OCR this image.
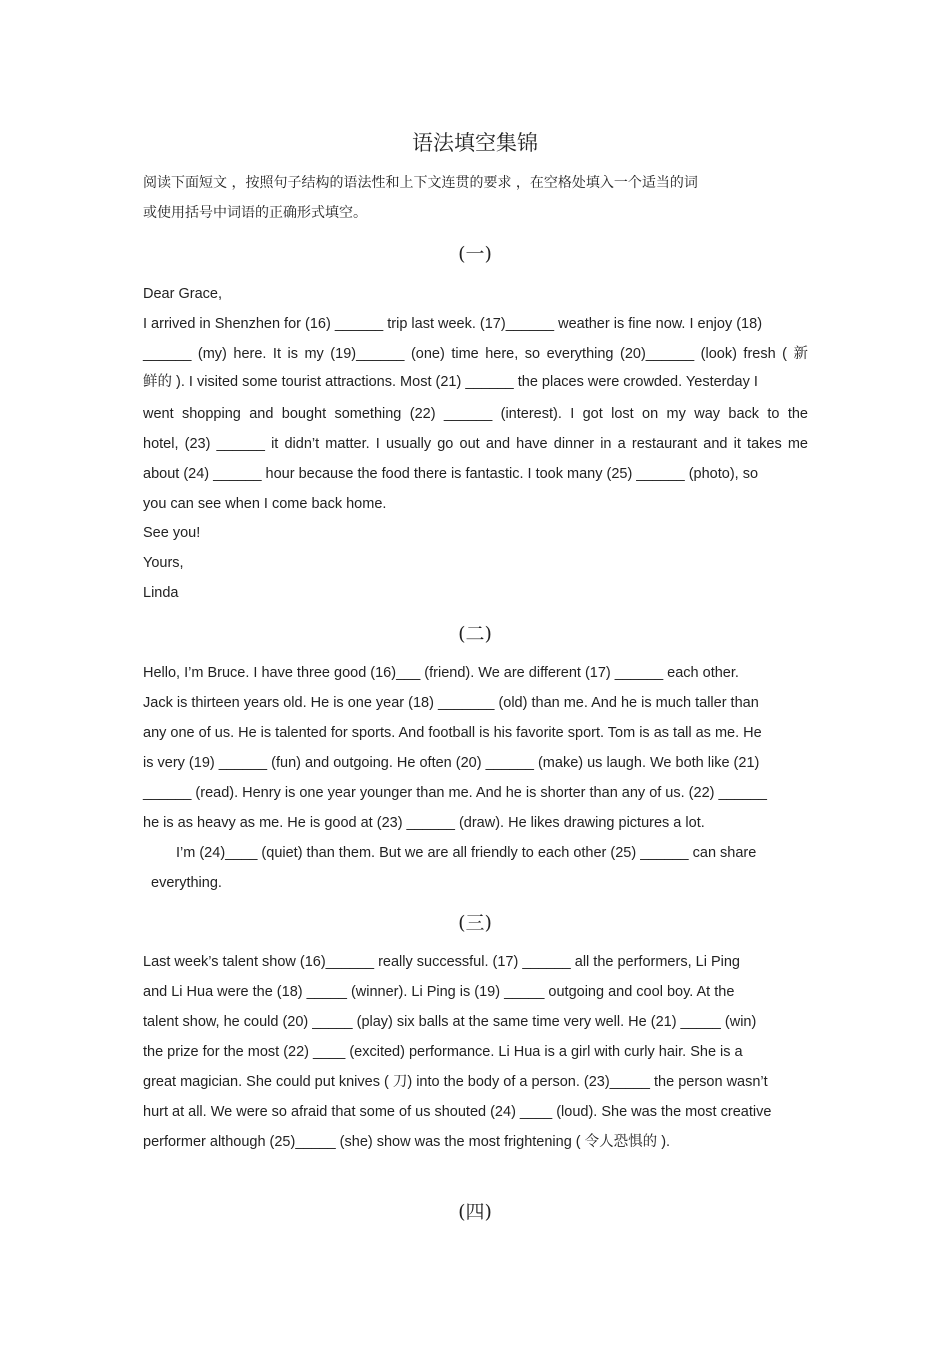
语法填空集锦
阅读下面短文 ，按照句子结构的语法性和上下文连贯的要求 ，在空格处填入一个适当的词
或使用括号中词语的正确形式填空。
(一)
Dear Grace,
I arrived in Shenzhen for (16) ______ trip last week. (17)______ weather is fine now. I enjoy (18)
______ (my) here. It is my (19)______ (one) time here, so everything (20)______ (look) fresh ( 新
鲜的 ). I visited some tourist attractions. Most (21) ______ the places were crowded. Yesterday I
went shopping and bought something (22) ______ (interest). I got lost on my way back to the
hotel, (23) ______ it didn’t matter. I usually go out and have dinner in a restaurant and it takes me
about (24) ______ hour because the food there is fantastic. I took many (25) ______ (photo), so
you can see when I come back home.
See you!
Yours,
Linda
(二)
Hello, I’m Bruce. I have three good (16)___ (friend). We are different (17) ______ each other.
Jack is thirteen years old. He is one year (18) _______ (old) than me. And he is much taller than
any one of us. He is talented for sports. And football is his favorite sport. Tom is as tall as me. He
is very (19) ______ (fun) and outgoing. He often (20) ______ (make) us laugh. We both like (21)
______ (read). Henry is one year younger than me. And he is shorter than any of us. (22) ______
he is as heavy as me. He is good at (23) ______ (draw). He likes drawing pictures a lot.
I’m (24)____ (quiet) than them. But we are all friendly to each other (25) ______ can share
everything.
(三)
Last week’s talent show (16)______ really successful. (17) ______ all the performers, Li Ping
and Li Hua were the (18) _____ (winner). Li Ping is (19) _____ outgoing and cool boy. At the
talent show, he could (20) _____ (play) six balls at the same time very well. He (21) _____ (win)
the prize for the most (22) ____ (excited) performance. Li Hua is a girl with curly hair. She is a
great magician. She could put knives ( 刀) into the body of a person. (23)_____ the person wasn’t
hurt at all. We were so afraid that some of us shouted (24) ____ (loud). She was the most creative
performer although (25)_____ (she) show was the most frightening ( 令人恐惧的 ).
(四)
